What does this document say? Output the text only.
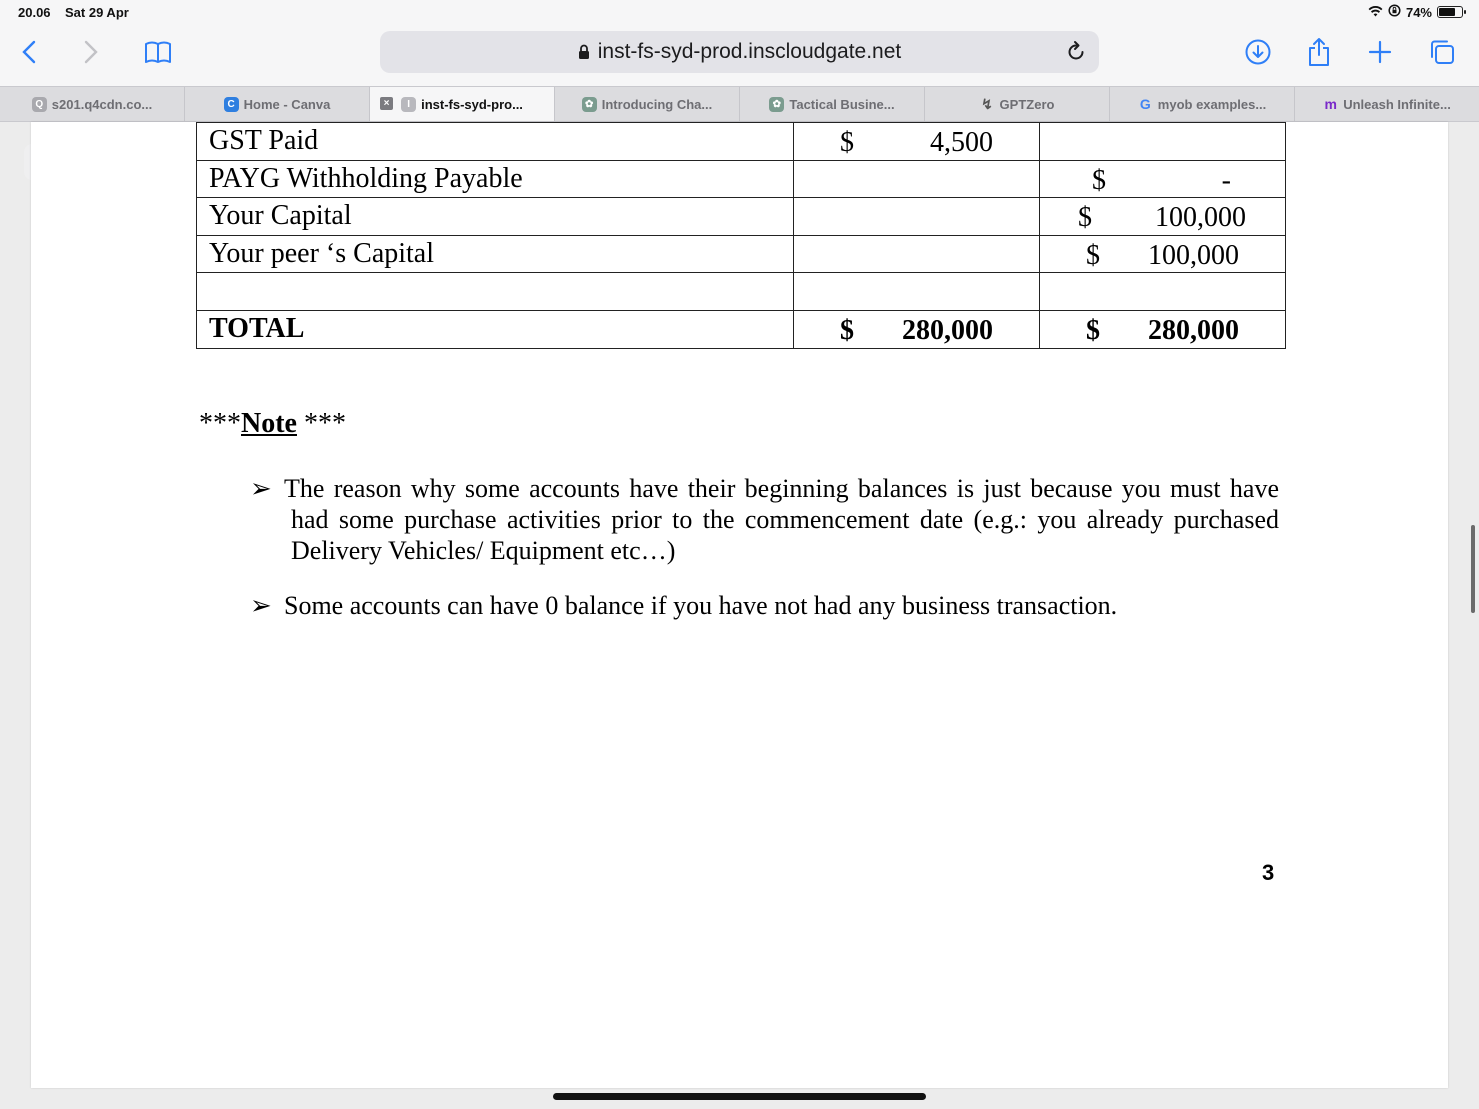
20.06 Sat 29 Apr	74%
inst-fs-syd-prod.inscloudgate.net
Q s201.q4cdn.co...	C Home - Canva	×	I inst-fs-syd-pro...	✿ Introducing Cha...	✿ Tactical Busine...	↯ GPTZero	G myob examples...	m Unleash Infinite...
GST Paid	$ 4,500	

PAYG Withholding Payable		$ -

Your Capital		$ 100,000

Your peer ‘s Capital		$ 100,000

TOTAL	$ 280,000	$ 280,000
***Note ***
➢ The reason why some accounts have their beginning balances is just because you must have
had some purchase activities prior to the commencement date (e.g.: you already purchased
Delivery Vehicles/ Equipment etc…)
➢ Some accounts can have 0 balance if you have not had any business transaction.
3
